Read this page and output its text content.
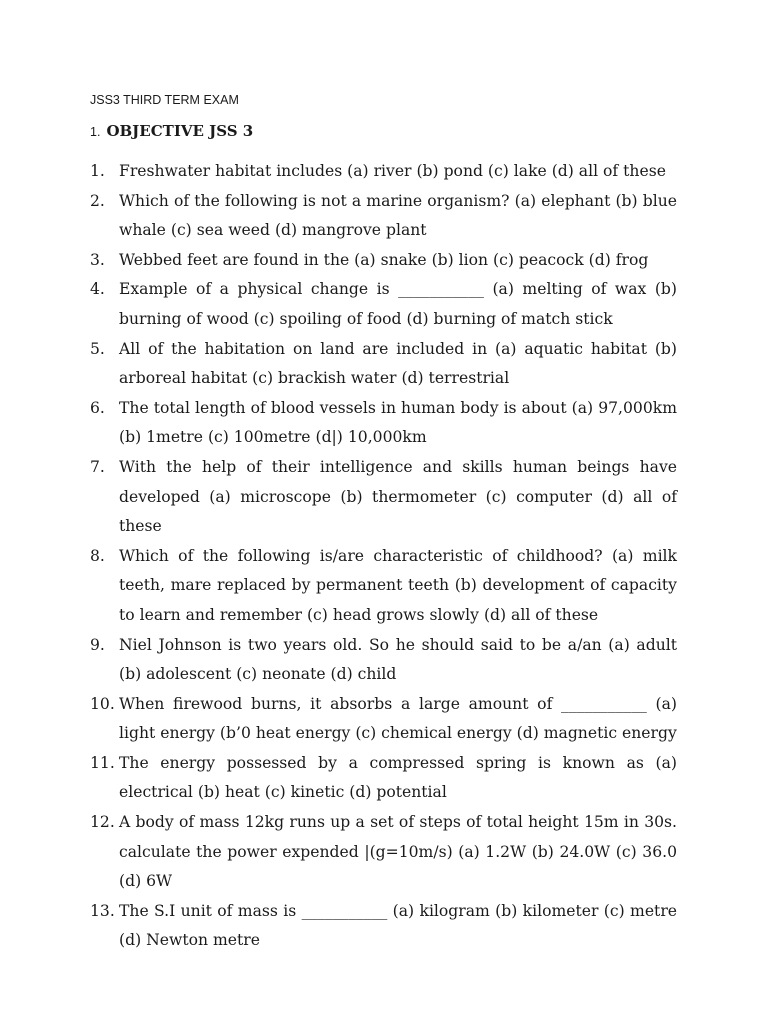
JSS3 THIRD TERM EXAM
1. OBJECTIVE JSS 3
1. Freshwater habitat includes (a) river (b) pond (c) lake (d) all of these
2. Which of the following is not a marine organism? (a) elephant (b) blue whale (c) sea weed (d) mangrove plant
3. Webbed feet are found in the (a) snake (b) lion (c) peacock (d) frog
4. Example of a physical change is ___________ (a) melting of wax (b) burning of wood (c) spoiling of food (d) burning of match stick
5. All of the habitation on land are included in (a) aquatic habitat (b) arboreal habitat (c) brackish water (d) terrestrial
6. The total length of blood vessels in human body is about (a) 97,000km (b) 1metre (c) 100metre (d|) 10,000km
7. With the help of their intelligence and skills human beings have developed (a) microscope (b) thermometer (c) computer (d) all of these
8. Which of the following is/are characteristic of childhood? (a) milk teeth, mare replaced by permanent teeth (b) development of capacity to learn and remember (c) head grows slowly (d) all of these
9. Niel Johnson is two years old. So he should said to be a/an (a) adult (b) adolescent (c) neonate (d) child
10. When firewood burns, it absorbs a large amount of ___________ (a) light energy (b’0 heat energy (c) chemical energy (d) magnetic energy
11. The energy possessed by a compressed spring is known as (a) electrical (b) heat (c) kinetic (d) potential
12. A body of mass 12kg runs up a set of steps of total height 15m in 30s. calculate the power expended |(g=10m/s) (a) 1.2W (b) 24.0W (c) 36.0 (d) 6W
13. The S.I unit of mass is ___________ (a) kilogram (b) kilometer (c) metre (d) Newton metre
